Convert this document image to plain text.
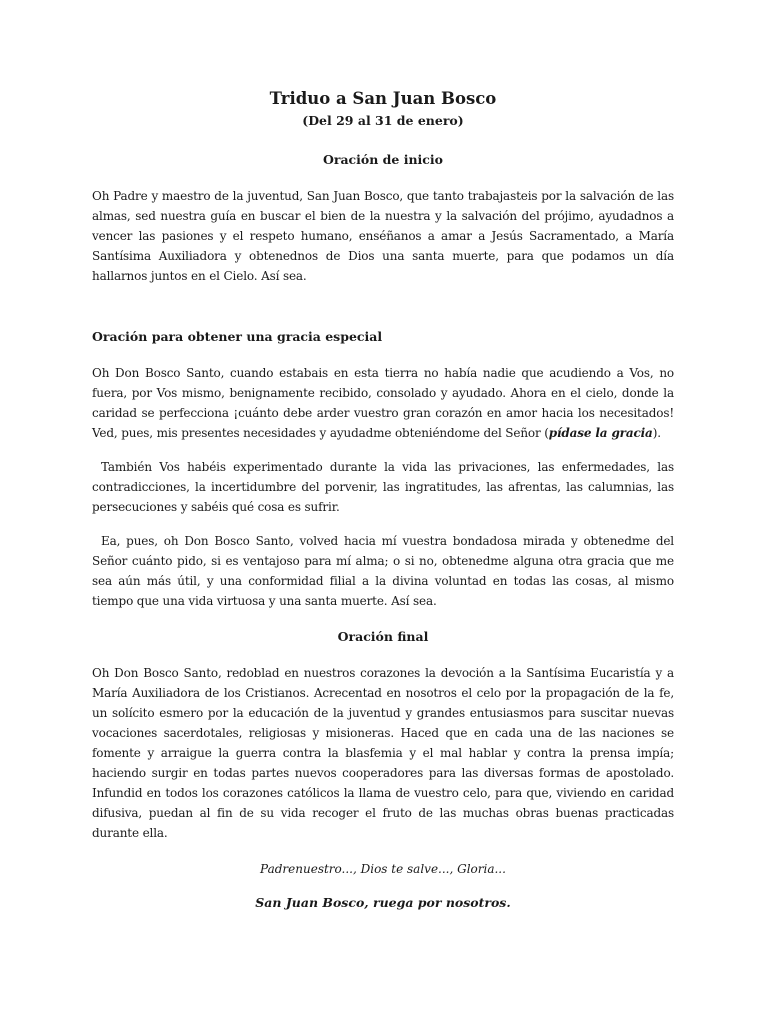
Triduo a San Juan Bosco

(Del 29 al 31 de enero)

Oración de inicio

Oh Padre y maestro de la juventud, San Juan Bosco, que tanto trabajasteis por la salvación de las almas, sed nuestra guía en buscar el bien de la nuestra y la salvación del prójimo, ayudadnos a vencer las pasiones y el respeto humano, enséñanos a amar a Jesús Sacramentado, a María Santísima Auxiliadora y obtenednos de Dios una santa muerte, para que podamos un día hallarnos juntos en el Cielo. Así sea.

Oración para obtener una gracia especial

Oh Don Bosco Santo, cuando estabais en esta tierra no había nadie que acudiendo a Vos, no fuera, por Vos mismo, benignamente recibido, consolado y ayudado. Ahora en el cielo, donde la caridad se perfecciona ¡cuánto debe arder vuestro gran corazón en amor hacia los necesitados! Ved, pues, mis presentes necesidades y ayudadme obteniéndome del Señor (pídase la gracia).

También Vos habéis experimentado durante la vida las privaciones, las enfermedades, las contradicciones, la incertidumbre del porvenir, las ingratitudes, las afrentas, las calumnias, las persecuciones y sabéis qué cosa es sufrir.

Ea, pues, oh Don Bosco Santo, volved hacia mí vuestra bondadosa mirada y obtenedme del Señor cuánto pido, si es ventajoso para mí alma; o si no, obtenedme alguna otra gracia que me sea aún más útil, y una conformidad filial a la divina voluntad en todas las cosas, al mismo tiempo que una vida virtuosa y una santa muerte. Así sea.

Oración final

Oh Don Bosco Santo, redoblad en nuestros corazones la devoción a la Santísima Eucaristía y a María Auxiliadora de los Cristianos. Acrecentad en nosotros el celo por la propagación de la fe, un solícito esmero por la educación de la juventud y grandes entusiasmos para suscitar nuevas vocaciones sacerdotales, religiosas y misioneras. Haced que en cada una de las naciones se fomente y arraigue la guerra contra la blasfemia y el mal hablar y contra la prensa impía; haciendo surgir en todas partes nuevos cooperadores para las diversas formas de apostolado. Infundid en todos los corazones católicos la llama de vuestro celo, para que, viviendo en caridad difusiva, puedan al fin de su vida recoger el fruto de las muchas obras buenas practicadas durante ella.

Padrenuestro..., Dios te salve..., Gloria...

San Juan Bosco, ruega por nosotros.
